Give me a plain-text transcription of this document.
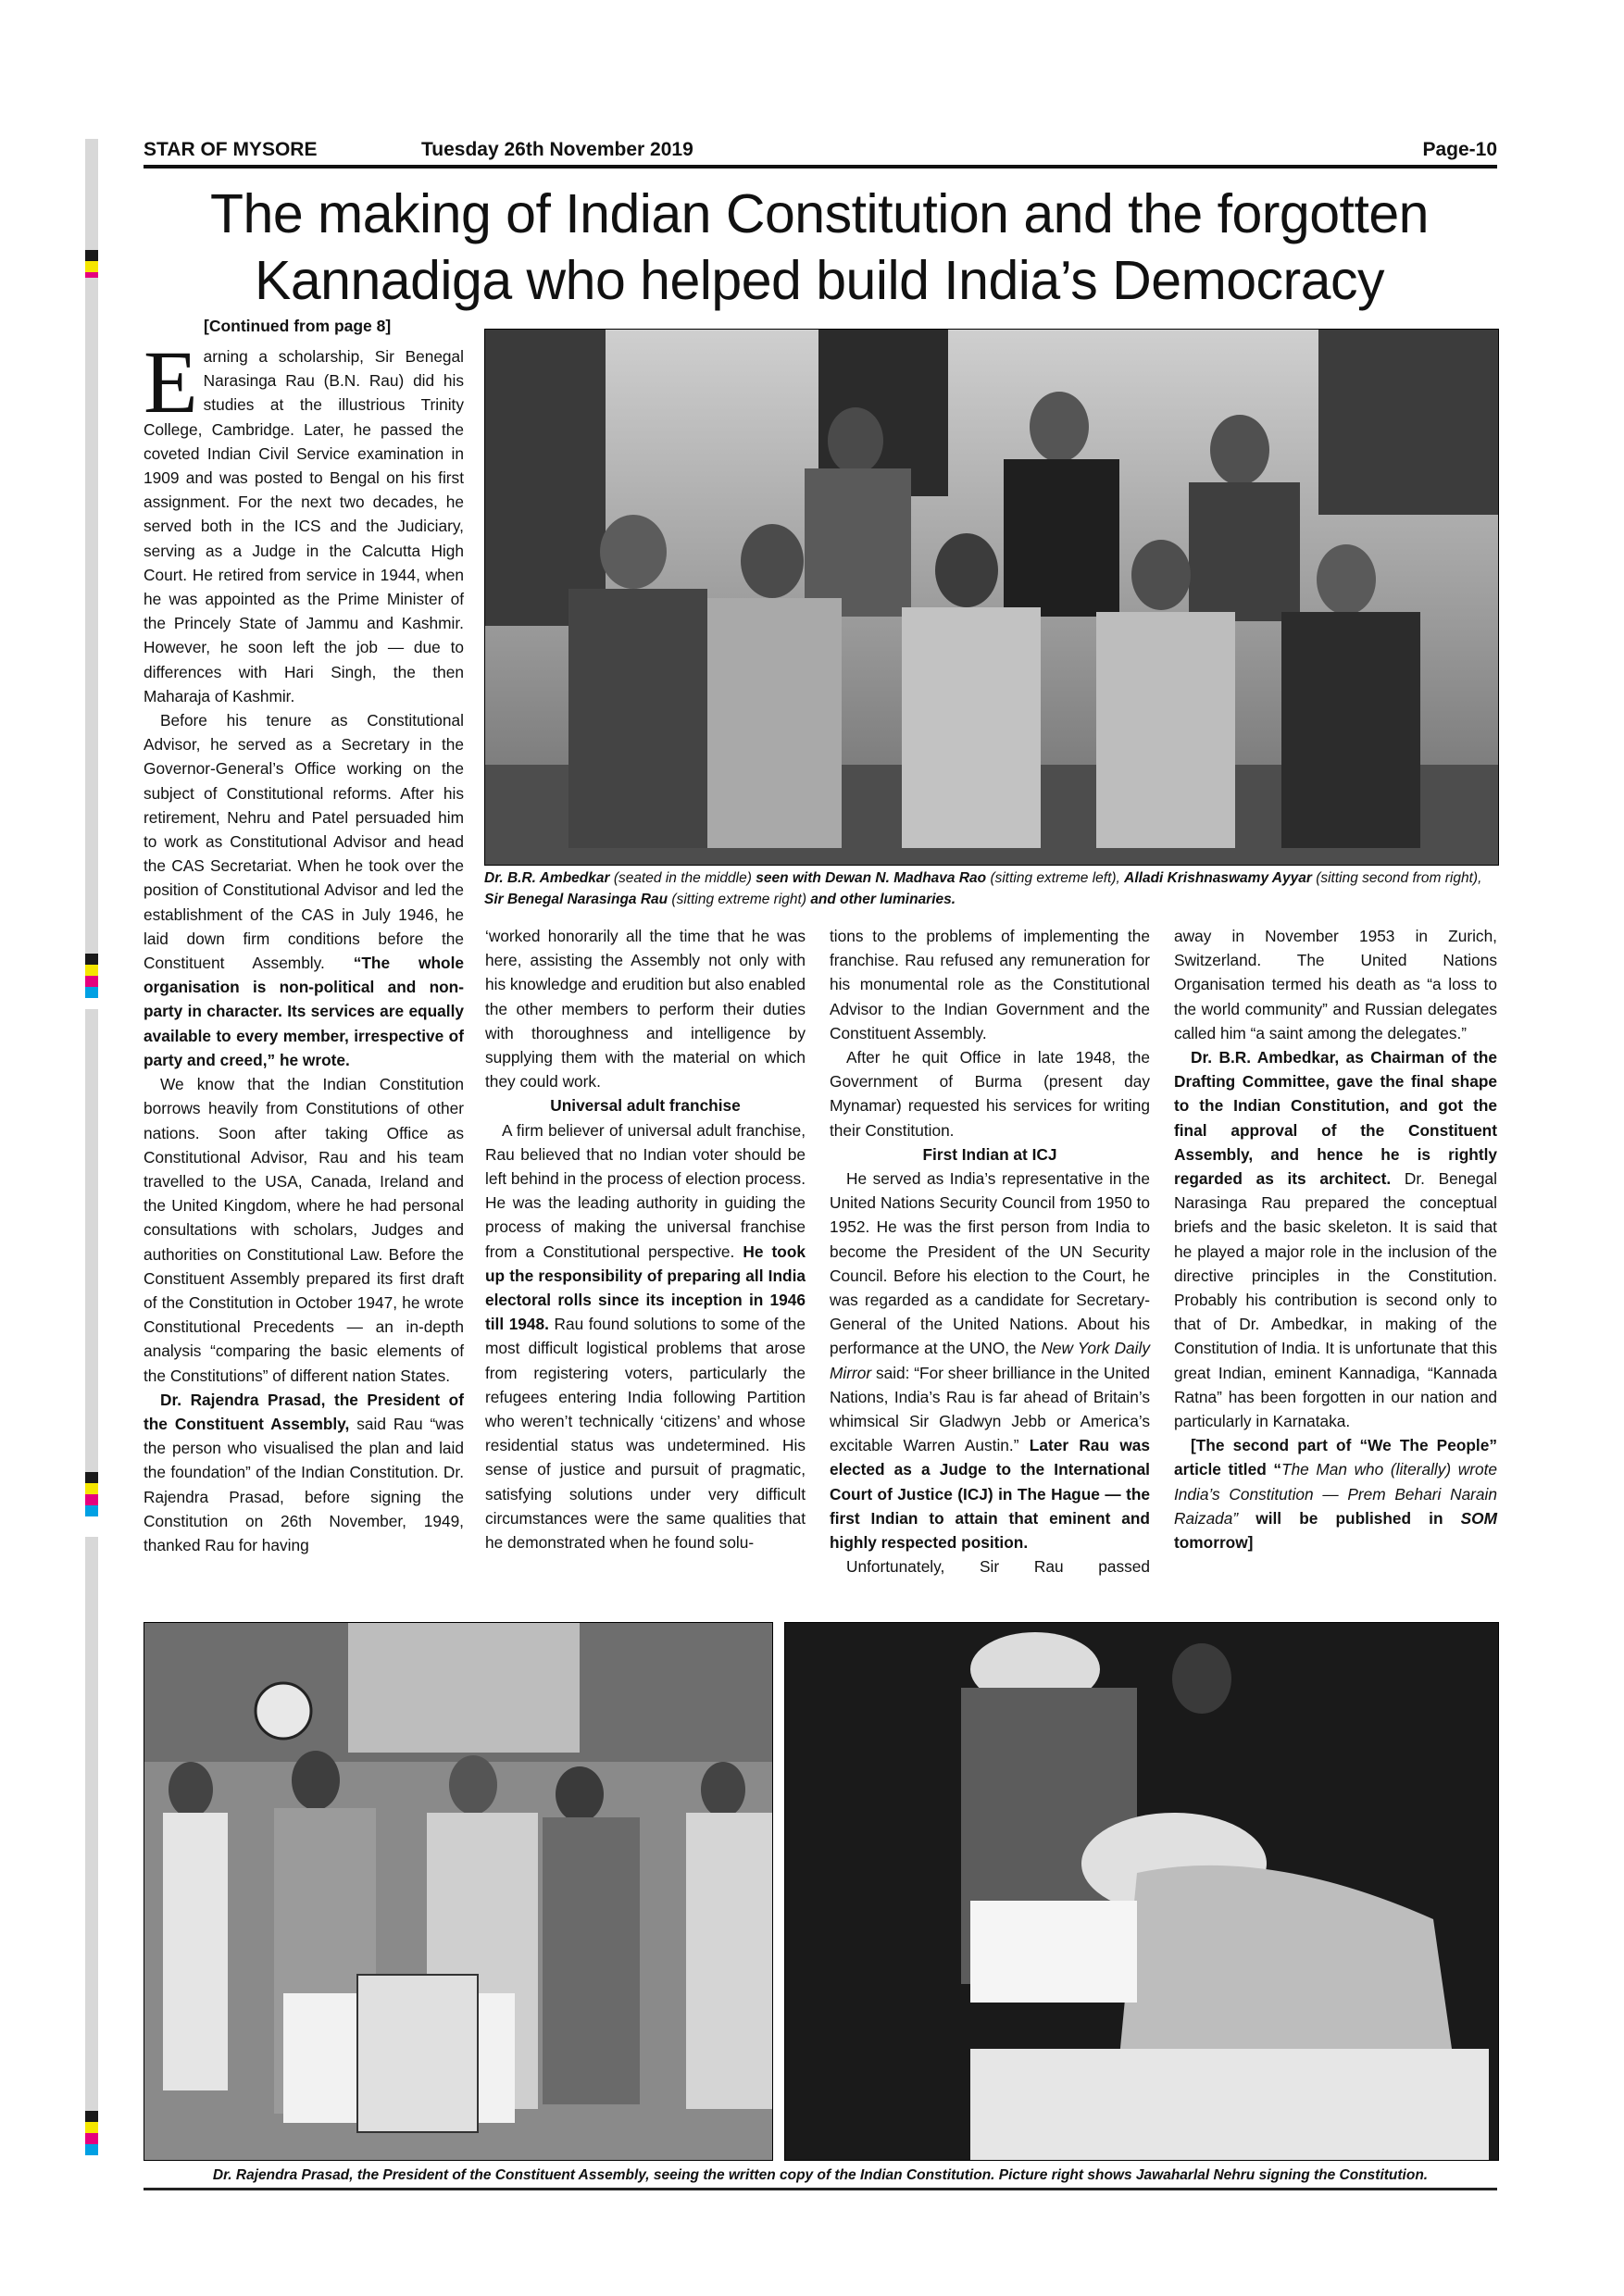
STAR OF MYSORE	Tuesday 26th November 2019	Page-10
The making of Indian Constitution and the forgotten
Kannadiga who helped build India’s Democracy
[Continued from page 8]
Dr. B.R. Ambedkar (seated in the middle) seen with Dewan N. Madhava Rao (sitting extreme left), Alladi Krishnaswamy Ayyar (sitting second from right), Sir Benegal Narasinga Rau (sitting extreme right) and other luminaries.

Earning a scholarship, Sir Benegal Narasinga Rau (B.N. Rau) did his studies at the illustrious Trinity College, Cambridge. Later, he passed the coveted Indian Civil Service examination in 1909 and was posted to Bengal on his first assignment. For the next two decades, he served both in the ICS and the Judiciary, serving as a Judge in the Calcutta High Court. He retired from service in 1944, when he was appointed as the Prime Minister of the Princely State of Jammu and Kashmir. However, he soon left the job — due to differences with Hari Singh, the then Maharaja of Kashmir.

Before his tenure as Constitutional Advisor, he served as a Secretary in the Governor-General’s Office working on the subject of Constitutional reforms. After his retirement, Nehru and Patel persuaded him to work as Constitutional Advisor and head the CAS Secretariat. When he took over the position of Constitutional Advisor and led the establishment of the CAS in July 1946, he laid down firm conditions before the Constituent Assembly. “The whole organisation is non-political and non-party in character. Its services are equally available to every member, irrespective of party and creed,” he wrote.

We know that the Indian Constitution borrows heavily from Constitutions of other nations. Soon after taking Office as Constitutional Advisor, Rau and his team travelled to the USA, Canada, Ireland and the United Kingdom, where he had personal consultations with scholars, Judges and authorities on Constitutional Law. Before the Constituent Assembly prepared its first draft of the Constitution in October 1947, he wrote Constitutional Precedents — an in-depth analysis “comparing the basic elements of the Constitutions” of different nation States.

Dr. Rajendra Prasad, the President of the Constituent Assembly, said Rau “was the person who visualised the plan and laid the foundation” of the Indian Constitution. Dr. Rajendra Prasad, before signing the Constitution on 26th November, 1949, thanked Rau for having

‘worked honorarily all the time that he was here, assisting the Assembly not only with his knowledge and erudition but also enabled the other members to perform their duties with thoroughness and intelligence by supplying them with the material on which they could work.

Universal adult franchise

A firm believer of universal adult franchise, Rau believed that no Indian voter should be left behind in the process of election process. He was the leading authority in guiding the process of making the universal franchise from a Constitutional perspective. He took up the responsibility of preparing all India electoral rolls since its inception in 1946 till 1948. Rau found solutions to some of the most difficult logistical problems that arose from registering voters, particularly the refugees entering India following Partition who weren’t technically ‘citizens’ and whose residential status was undetermined. His sense of justice and pursuit of pragmatic, satisfying solutions under very difficult circumstances were the same qualities that he demonstrated when he found solu-

tions to the problems of implementing the franchise. Rau refused any remuneration for his monumental role as the Constitutional Advisor to the Indian Government and the Constituent Assembly.

After he quit Office in late 1948, the Government of Burma (present day Mynamar) requested his services for writing their Constitution.

First Indian at ICJ

He served as India’s representative in the United Nations Security Council from 1950 to 1952. He was the first person from India to become the President of the UN Security Council. Before his election to the Court, he was regarded as a candidate for Secretary-General of the United Nations. About his performance at the UNO, the New York Daily Mirror said: “For sheer brilliance in the United Nations, India’s Rau is far ahead of Britain’s whimsical Sir Gladwyn Jebb or America’s excitable Warren Austin.” Later Rau was elected as a Judge to the International Court of Justice (ICJ) in The Hague — the first Indian to attain that eminent and highly respected position.

Unfortunately, Sir Rau passed

away in November 1953 in Zurich, Switzerland. The United Nations Organisation termed his death as “a loss to the world community” and Russian delegates called him “a saint among the delegates.”

Dr. B.R. Ambedkar, as Chairman of the Drafting Committee, gave the final shape to the Indian Constitution, and got the final approval of the Constituent Assembly, and hence he is rightly regarded as its architect. Dr. Benegal Narasinga Rau prepared the conceptual briefs and the basic skeleton. It is said that he played a major role in the inclusion of the directive principles in the Constitution. Probably his contribution is second only to that of Dr. Ambedkar, in making of the Constitution of India. It is unfortunate that this great Indian, eminent Kannadiga, “Kannada Ratna” has been forgotten in our nation and particularly in Karnataka.

[The second part of “We The People” article titled “The Man who (literally) wrote India’s Constitution — Prem Behari Narain Raizada” will be published in SOM tomorrow]

Dr. Rajendra Prasad, the President of the Constituent Assembly, seeing the written copy of the Indian Constitution. Picture right shows Jawaharlal Nehru signing the Constitution.
